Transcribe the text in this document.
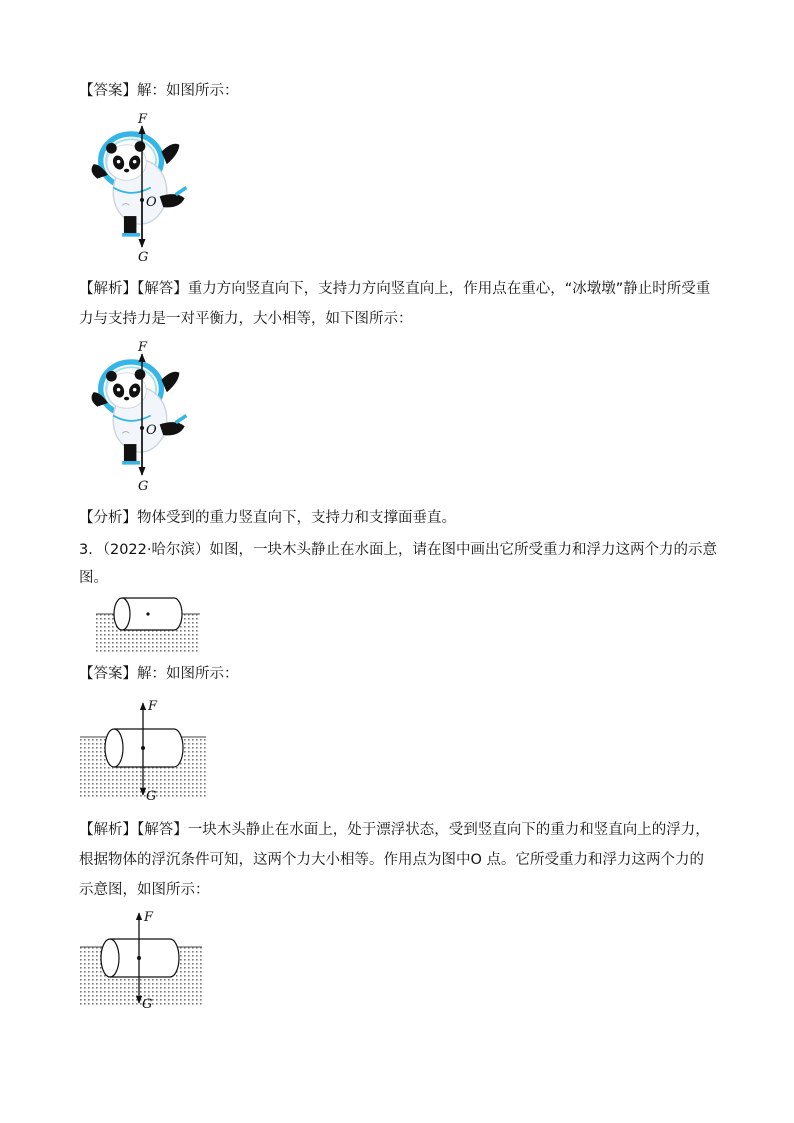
【答案】解：如图所示：
F
O
G
【解析】【解答】重力方向竖直向下，支持力方向竖直向上，作用点在重心，“冰墩墩”静止时所受重
力与支持力是一对平衡力，大小相等，如下图所示：
F
O
G
【分析】物体受到的重力竖直向下，支持力和支撑面垂直。
3．（2022·哈尔滨）如图，一块木头静止在水面上，请在图中画出它所受重力和浮力这两个力的示意
图。
【答案】解：如图所示：
F
G
【解析】【解答】一块木头静止在水面上，处于漂浮状态，受到竖直向下的重力和竖直向上的浮力，
根据物体的浮沉条件可知，这两个力大小相等。作用点为图中O 点。它所受重力和浮力这两个力的
示意图，如图所示：
F
G
